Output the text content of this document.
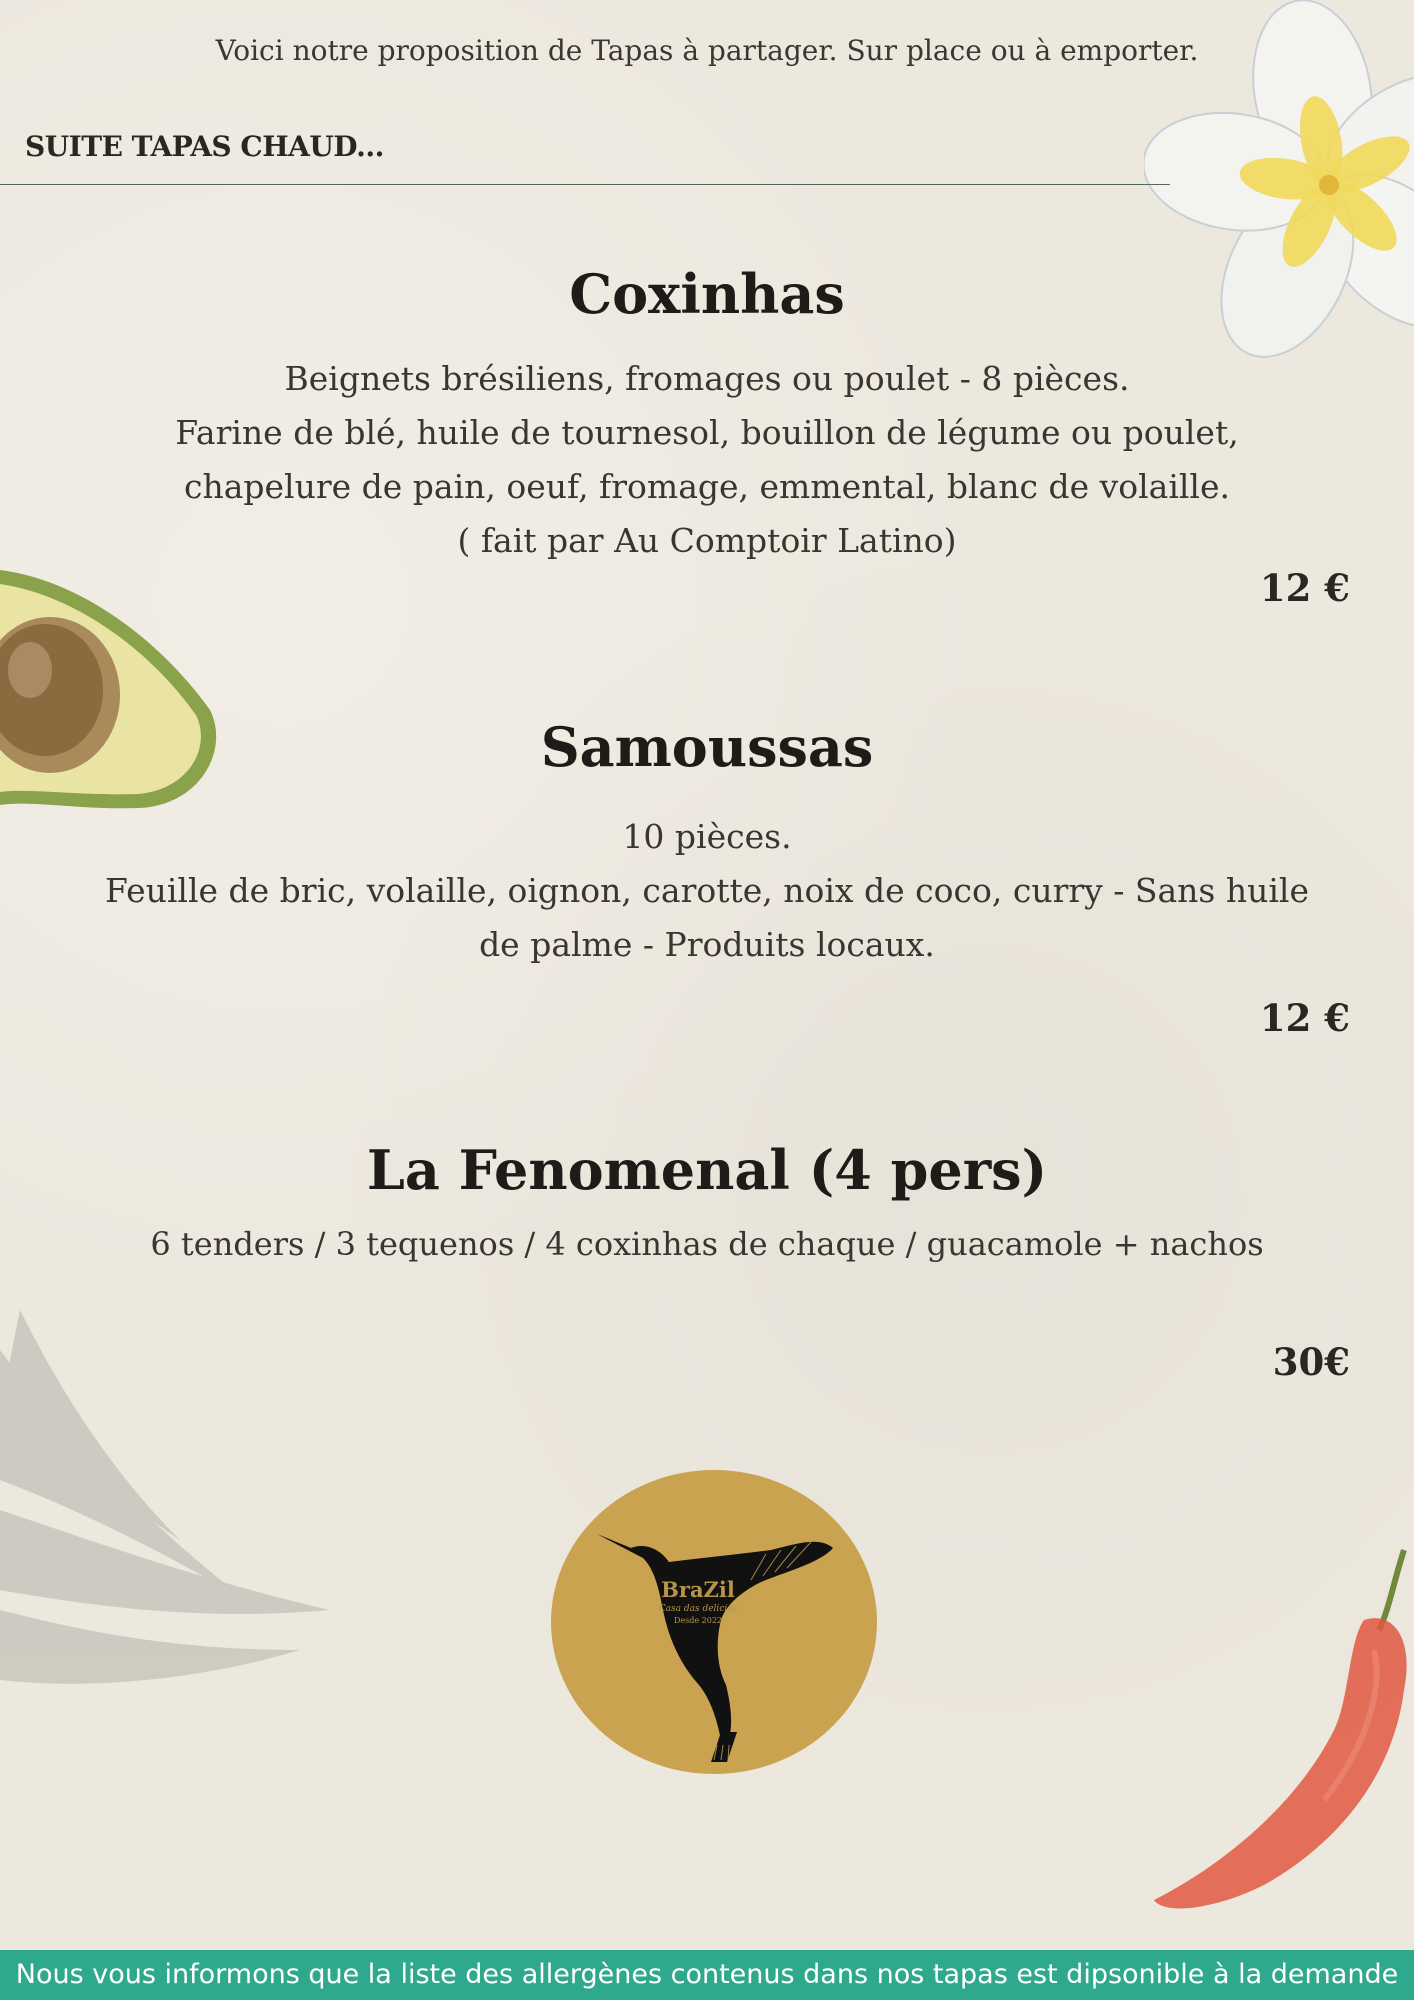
Voici notre proposition de Tapas à partager. Sur place ou à emporter.
SUITE TAPAS CHAUD...
Coxinhas
Beignets brésiliens, fromages ou poulet - 8 pièces.
Farine de blé, huile de tournesol, bouillon de légume ou poulet,
chapelure de pain, oeuf, fromage, emmental, blanc de volaille.
( fait par Au Comptoir Latino)
12 €
Samoussas
10 pièces.
Feuille de bric, volaille, oignon, carotte, noix de coco, curry - Sans huile
de palme - Produits locaux.
12 €
La Fenomenal (4 pers)
6 tenders / 3 tequenos / 4 coxinhas de chaque / guacamole + nachos
30€
BraZil
Casa das delicias
Desde 2022
Nous vous informons que la liste des allergènes contenus dans nos tapas est dipsonible à la demande
